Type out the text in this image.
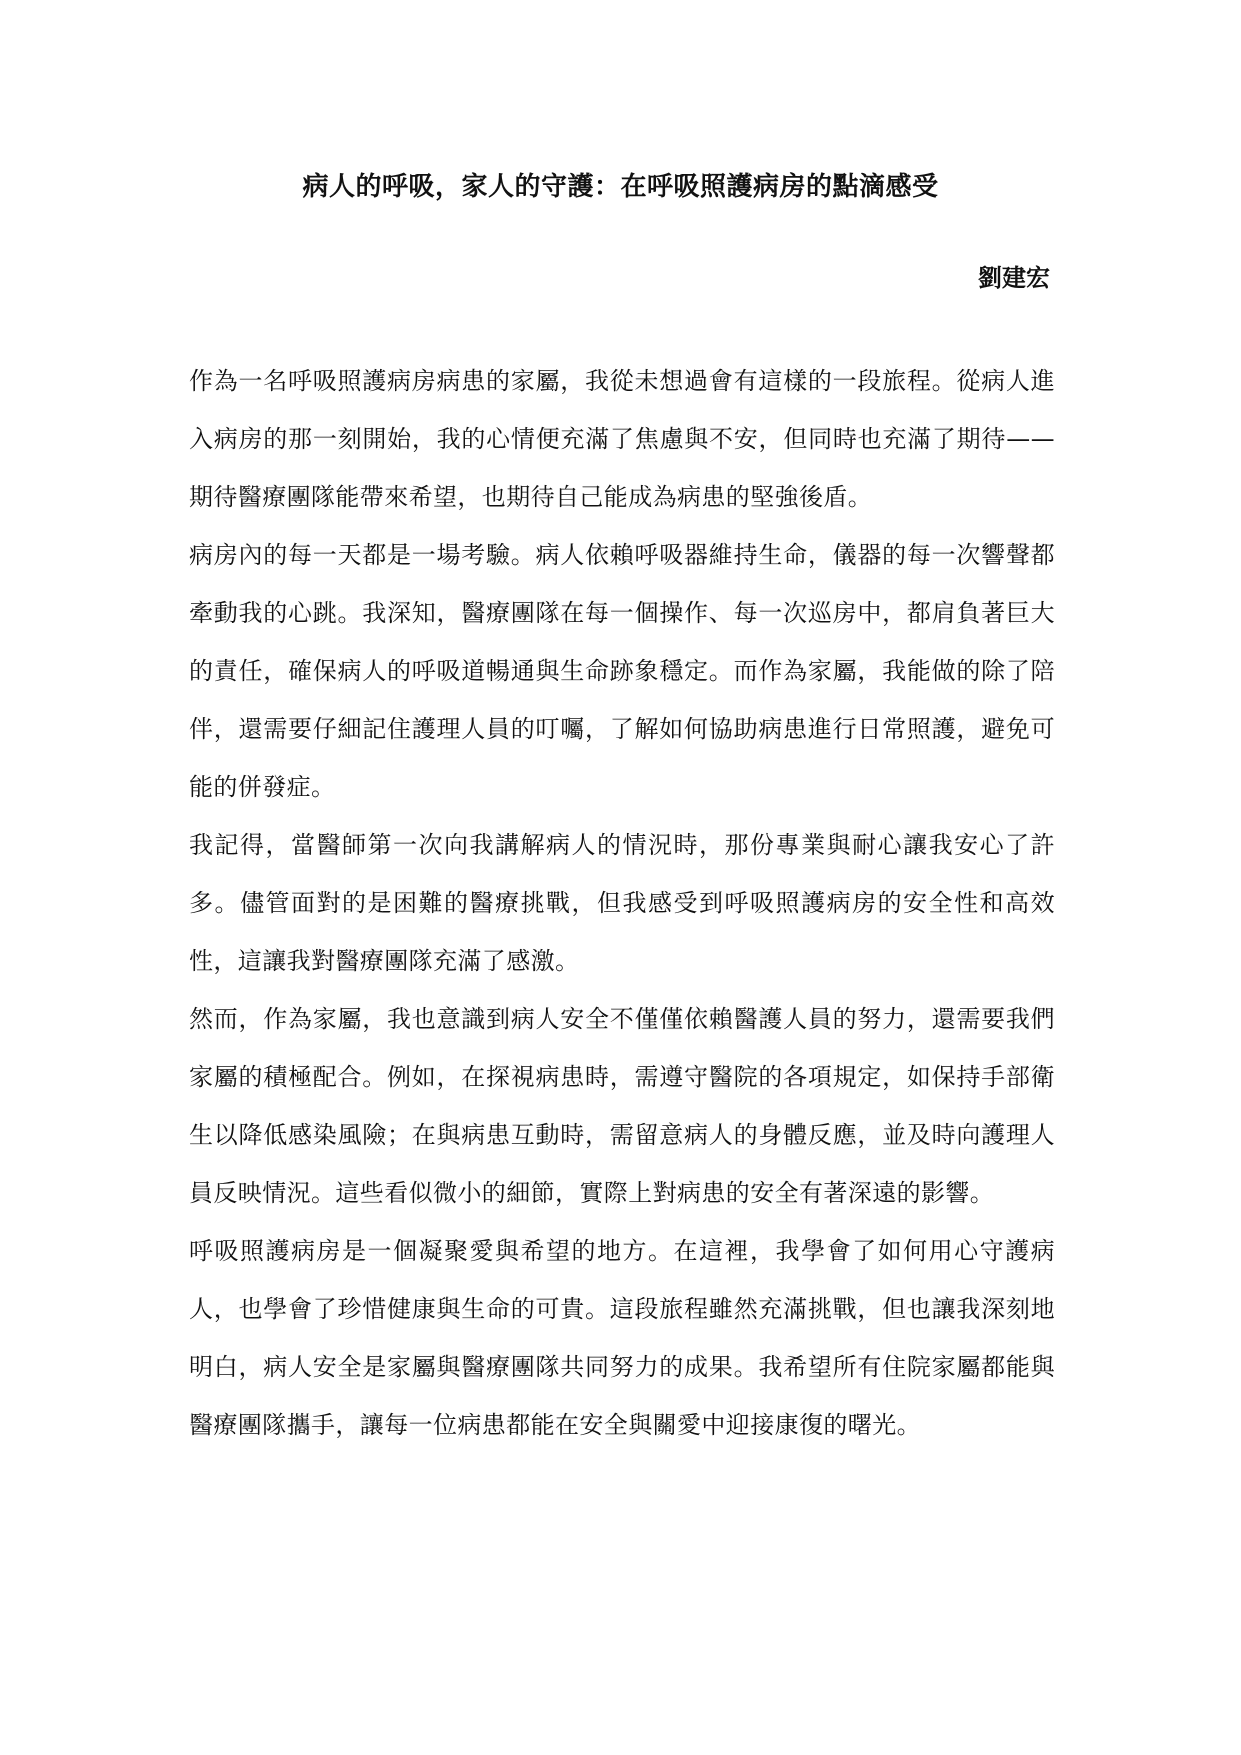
病人的呼吸，家人的守護：在呼吸照護病房的點滴感受

劉建宏

作為一名呼吸照護病房病患的家屬，我從未想過會有這樣的一段旅程。從病人進入病房的那一刻開始，我的心情便充滿了焦慮與不安，但同時也充滿了期待——期待醫療團隊能帶來希望，也期待自己能成為病患的堅強後盾。

病房內的每一天都是一場考驗。病人依賴呼吸器維持生命，儀器的每一次響聲都牽動我的心跳。我深知，醫療團隊在每一個操作、每一次巡房中，都肩負著巨大的責任，確保病人的呼吸道暢通與生命跡象穩定。而作為家屬，我能做的除了陪伴，還需要仔細記住護理人員的叮囑，了解如何協助病患進行日常照護，避免可能的併發症。

我記得，當醫師第一次向我講解病人的情況時，那份專業與耐心讓我安心了許多。儘管面對的是困難的醫療挑戰，但我感受到呼吸照護病房的安全性和高效性，這讓我對醫療團隊充滿了感激。

然而，作為家屬，我也意識到病人安全不僅僅依賴醫護人員的努力，還需要我們家屬的積極配合。例如，在探視病患時，需遵守醫院的各項規定，如保持手部衛生以降低感染風險；在與病患互動時，需留意病人的身體反應，並及時向護理人員反映情況。這些看似微小的細節，實際上對病患的安全有著深遠的影響。

呼吸照護病房是一個凝聚愛與希望的地方。在這裡，我學會了如何用心守護病人，也學會了珍惜健康與生命的可貴。這段旅程雖然充滿挑戰，但也讓我深刻地明白，病人安全是家屬與醫療團隊共同努力的成果。我希望所有住院家屬都能與醫療團隊攜手，讓每一位病患都能在安全與關愛中迎接康復的曙光。
